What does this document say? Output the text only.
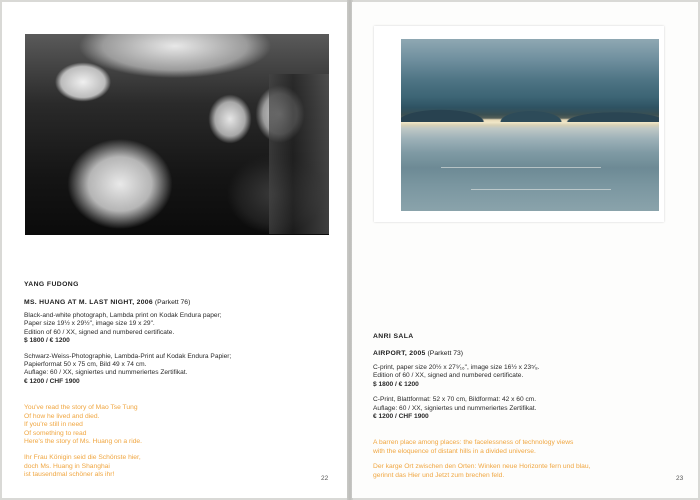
YANG FUDONG
MS. HUANG AT M. LAST NIGHT, 2006 (Parkett 76)
Black-and-white photograph, Lambda print on Kodak Endura paper;
Paper size 19½ x 29½", image size 19 x 29".
Edition of 60 / XX, signed and numbered certificate.
$ 1800 / € 1200
Schwarz-Weiss-Photographie, Lambda-Print auf Kodak Endura Papier;
Papierformat 50 x 75 cm, Bild 49 x 74 cm.
Auflage: 60 / XX, signiertes und nummeriertes Zertifikat.
€ 1200 / CHF 1900
You've read the story of Mao Tse Tung
Of how he lived and died.
If you're still in need
Of something to read
Here's the story of Ms. Huang on a ride.
Ihr Frau Königin seid die Schönste hier,
doch Ms. Huang in Shanghai
ist tausendmal schöner als ihr!
22
ANRI SALA
AIRPORT, 2005 (Parkett 73)
C-print, paper size 20½ x 27⁹⁄₁₆", image size 16½ x 23⁵⁄₈.
Edition of 60 / XX, signed and numbered certificate.
$ 1800 / € 1200
C-Print, Blattformat: 52 x 70 cm, Bildformat: 42 x 60 cm.
Auflage: 60 / XX, signiertes und nummeriertes Zertifikat.
€ 1200 / CHF 1900
A barren place among places: the facelessness of technology views
with the eloquence of distant hills in a divided universe.
Der karge Ort zwischen den Orten: Winken neue Horizonte fern und blau,
gerinnt das Hier und Jetzt zum brechen feld.	23
